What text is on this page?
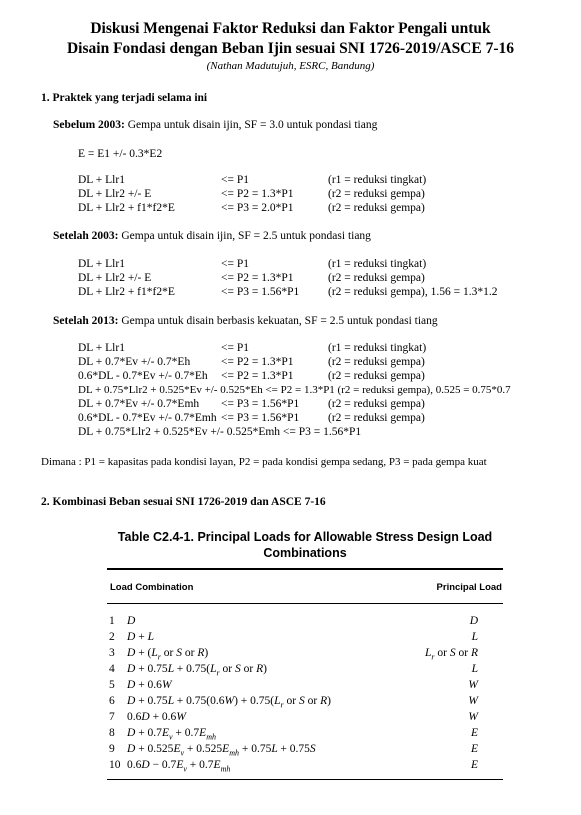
Diskusi Mengenai Faktor Reduksi dan Faktor Pengali untuk
Disain Fondasi dengan Beban Ijin sesuai SNI 1726-2019/ASCE 7-16
(Nathan Madutujuh, ESRC, Bandung)
1. Praktek yang terjadi selama ini
Sebelum 2003: Gempa untuk disain ijin, SF = 3.0 untuk pondasi tiang
E = E1 +/- 0.3*E2
DL + Llr1	<= P1	(r1 = reduksi tingkat)
DL + Llr2 +/- E	<= P2 = 1.3*P1	(r2 = reduksi gempa)
DL + Llr2 + f1*f2*E	<= P3 = 2.0*P1	(r2 = reduksi gempa)
Setelah 2003: Gempa untuk disain ijin, SF = 2.5 untuk pondasi tiang
DL + Llr1	<= P1	(r1 = reduksi tingkat)
DL + Llr2 +/- E	<= P2 = 1.3*P1	(r2 = reduksi gempa)
DL + Llr2 + f1*f2*E	<= P3 = 1.56*P1	(r2 = reduksi gempa), 1.56 = 1.3*1.2
Setelah 2013: Gempa untuk disain berbasis kekuatan, SF = 2.5 untuk pondasi tiang
DL + Llr1	<= P1	(r1 = reduksi tingkat)
DL + 0.7*Ev +/- 0.7*Eh	<= P2 = 1.3*P1	(r2 = reduksi gempa)
0.6*DL - 0.7*Ev +/- 0.7*Eh <= P2 = 1.3*P1	(r2 = reduksi gempa)
DL + 0.75*Llr2 + 0.525*Ev +/- 0.525*Eh <= P2 = 1.3*P1 (r2 = reduksi gempa), 0.525 = 0.75*0.7
DL + 0.7*Ev +/- 0.7*Emh <= P3 = 1.56*P1	(r2 = reduksi gempa)
0.6*DL - 0.7*Ev +/- 0.7*Emh <= P3 = 1.56*P1	(r2 = reduksi gempa)
DL + 0.75*Llr2 + 0.525*Ev +/- 0.525*Emh <= P3 = 1.56*P1
Dimana : P1 = kapasitas pada kondisi layan, P2 = pada kondisi gempa sedang, P3 = pada gempa kuat
2. Kombinasi Beban sesuai SNI 1726-2019 dan ASCE 7-16
Table C2.4-1. Principal Loads for Allowable Stress Design Load Combinations
Load Combination	Principal Load
1 D	D
2 D + L	L
3 $D + (L_r$ or S or R)	$L_r$ or S or R
4 $D + 0.75L + 0.75(L_r$ or S or R)	L
5 D + 0.6W	W
6 $D + 0.75L + 0.75(0.6W) + 0.75(L_r$ or S or R)	W
7 0.6D + 0.6W	W
8 $D + 0.7E_v + 0.7E_{mh}$	E
9 $D + 0.525E_v + 0.525E_{mh} + 0.75L + 0.75S$	E
10 $0.6D - 0.7E_v + 0.7E_{mh}$	E
